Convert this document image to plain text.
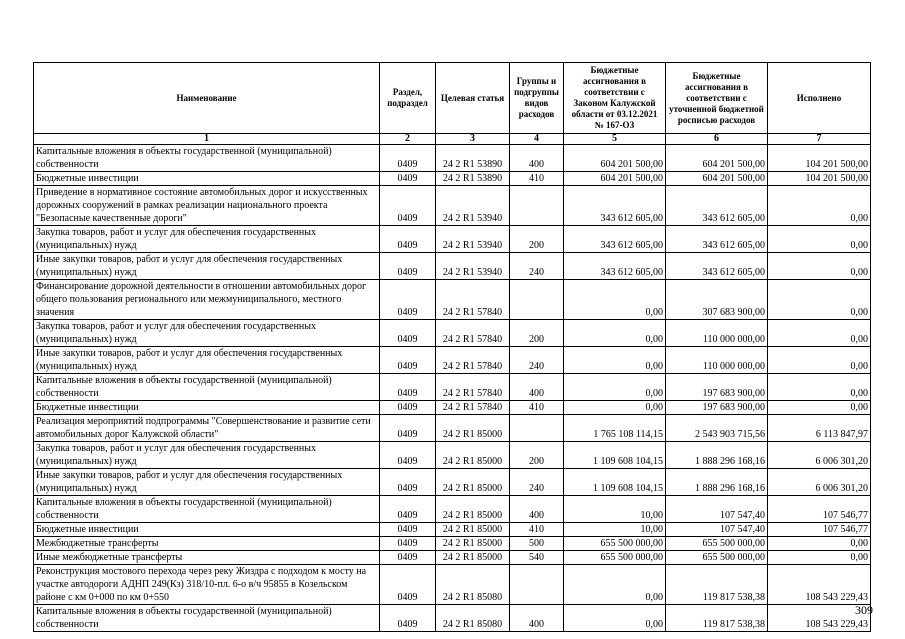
Наименование	Раздел, подраздел	Целевая статья	Группы и подгруппы видов расходов	Бюджетные ассигнования в соответствии с Законом Калужской области от 03.12.2021 № 167-ОЗ	Бюджетные ассигнования в соответствии с уточненной бюджетной росписью расходов	Исполнено
1	2	3	4	5	6	7
Капитальные вложения в объекты государственной (муниципальной) собственности	0409	24 2 R1 53890	400	604 201 500,00	604 201 500,00	104 201 500,00
Бюджетные инвестиции	0409	24 2 R1 53890	410	604 201 500,00	604 201 500,00	104 201 500,00
Приведение в нормативное состояние автомобильных дорог и искусственных дорожных сооружений в рамках реализации национального проекта "Безопасные качественные дороги"	0409	24 2 R1 53940		343 612 605,00	343 612 605,00	0,00
Закупка товаров, работ и услуг для обеспечения государственных (муниципальных) нужд	0409	24 2 R1 53940	200	343 612 605,00	343 612 605,00	0,00
Иные закупки товаров, работ и услуг для обеспечения государственных (муниципальных) нужд	0409	24 2 R1 53940	240	343 612 605,00	343 612 605,00	0,00
Финансирование дорожной деятельности в отношении автомобильных дорог общего пользования регионального или межмуниципального, местного значения	0409	24 2 R1 57840		0,00	307 683 900,00	0,00
Закупка товаров, работ и услуг для обеспечения государственных (муниципальных) нужд	0409	24 2 R1 57840	200	0,00	110 000 000,00	0,00
Иные закупки товаров, работ и услуг для обеспечения государственных (муниципальных) нужд	0409	24 2 R1 57840	240	0,00	110 000 000,00	0,00
Капитальные вложения в объекты государственной (муниципальной) собственности	0409	24 2 R1 57840	400	0,00	197 683 900,00	0,00
Бюджетные инвестиции	0409	24 2 R1 57840	410	0,00	197 683 900,00	0,00
Реализация мероприятий подпрограммы "Совершенствование и развитие сети автомобильных дорог Калужской области"	0409	24 2 R1 85000		1 765 108 114,15	2 543 903 715,56	6 113 847,97
Закупка товаров, работ и услуг для обеспечения государственных (муниципальных) нужд	0409	24 2 R1 85000	200	1 109 608 104,15	1 888 296 168,16	6 006 301,20
Иные закупки товаров, работ и услуг для обеспечения государственных (муниципальных) нужд	0409	24 2 R1 85000	240	1 109 608 104,15	1 888 296 168,16	6 006 301,20
Капитальные вложения в объекты государственной (муниципальной) собственности	0409	24 2 R1 85000	400	10,00	107 547,40	107 546,77
Бюджетные инвестиции	0409	24 2 R1 85000	410	10,00	107 547,40	107 546,77
Межбюджетные трансферты	0409	24 2 R1 85000	500	655 500 000,00	655 500 000,00	0,00
Иные межбюджетные трансферты	0409	24 2 R1 85000	540	655 500 000,00	655 500 000,00	0,00
Реконструкция мостового перехода через реку Жиздра с подходом к мосту на участке автодороги АДНП 249(Кз) 318/10-пл. 6-о в/ч 95855 в Козельском районе с км 0+000 по км 0+550	0409	24 2 R1 85080		0,00	119 817 538,38	108 543 229,43
Капитальные вложения в объекты государственной (муниципальной) собственности	0409	24 2 R1 85080	400	0,00	119 817 538,38	108 543 229,43
309
